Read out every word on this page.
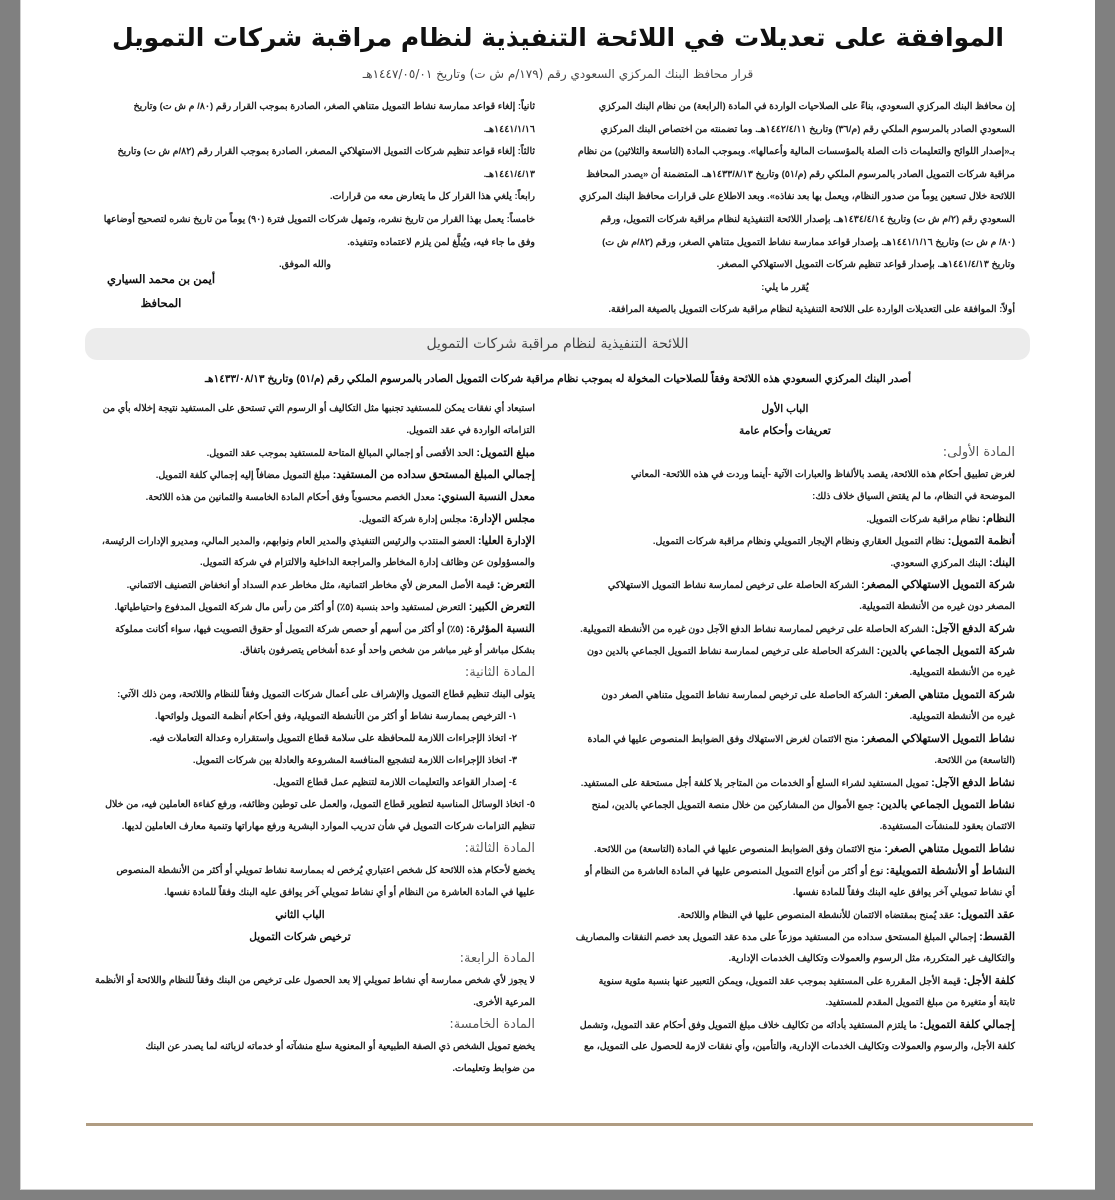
الموافقة على تعديلات في اللائحة التنفيذية لنظام مراقبة شركات التمويل
قرار محافظ البنك المركزي السعودي رقم (١٧٩/م ش ت) وتاريخ ١٤٤٧/٠٥/٠١هـ

إن محافظ البنك المركزي السعودي، بناءً على الصلاحيات الواردة في المادة (الرابعة) من نظام البنك المركزي

السعودي الصادر بالمرسوم الملكي رقم (م/٣٦) وتاريخ ١٤٤٢/٤/١١هـ. وما تضمنته من اختصاص البنك المركزي

بـ«إصدار اللوائح والتعليمات ذات الصلة بالمؤسسات المالية وأعمالها». وبموجب المادة (التاسعة والثلاثين) من نظام

مراقبة شركات التمويل الصادر بالمرسوم الملكي رقم (م/٥١) وتاريخ ١٤٣٣/٨/١٣هـ. المتضمنة أن «يصدر المحافظ

اللائحة خلال تسعين يوماً من صدور النظام، ويعمل بها بعد نفاذه». وبعد الاطلاع على قرارات محافظ البنك المركزي

السعودي رقم (٢/م ش ت) وتاريخ ١٤٣٤/٤/١٤هـ. بإصدار اللائحة التنفيذية لنظام مراقبة شركات التمويل، ورقم

(٨٠/ م ش ت) وتاريخ ١٤٤١/١/١٦هـ. بإصدار قواعد ممارسة نشاط التمويل متناهي الصغر، ورقم (٨٢/م ش ت)

وتاريخ ١٤٤١/٤/١٣هـ. بإصدار قواعد تنظيم شركات التمويل الاستهلاكي المصغر.

يُقرر ما يلي:

أولاً: الموافقة على التعديلات الواردة على اللائحة التنفيذية لنظام مراقبة شركات التمويل بالصيغة المرافقة.

ثانياً: إلغاء قواعد ممارسة نشاط التمويل متناهي الصغر، الصادرة بموجب القرار رقم (٨٠/ م ش ت) وتاريخ

١٤٤١/١/١٦هـ.

ثالثاً: إلغاء قواعد تنظيم شركات التمويل الاستهلاكي المصغر، الصادرة بموجب القرار رقم (٨٢/م ش ت) وتاريخ

١٤٤١/٤/١٣هـ.

رابعاً: يلغي هذا القرار كل ما يتعارض معه من قرارات.

خامساً: يعمل بهذا القرار من تاريخ نشره، وتمهل شركات التمويل فترة (٩٠) يوماً من تاريخ نشره لتصحيح أوضاعها

وفق ما جاء فيه، ويُبلَّغ لمن يلزم لاعتماده وتنفيذه.

والله الموفق.

أيمن بن محمد السياري
المحافظ
اللائحة التنفيذية لنظام مراقبة شركات التمويل
أصدر البنك المركزي السعودي هذه اللائحة وفقاً للصلاحيات المخولة له بموجب نظام مراقبة شركات التمويل الصادر بالمرسوم الملكي رقم (م/٥١) وتاريخ ١٤٣٣/٠٨/١٣هـ

الباب الأول

تعريفات وأحكام عامة

المادة الأولى:

لغرض تطبيق أحكام هذه اللائحة، يقصد بالألفاظ والعبارات الآتية -أينما وردت في هذه اللائحة- المعاني

الموضحة في النظام، ما لم يقتض السياق خلاف ذلك:

النظام: نظام مراقبة شركات التمويل.

أنظمة التمويل: نظام التمويل العقاري ونظام الإيجار التمويلي ونظام مراقبة شركات التمويل.

البنك: البنك المركزي السعودي.

شركة التمويل الاستهلاكي المصغر: الشركة الحاصلة على ترخيص لممارسة نشاط التمويل الاستهلاكي

المصغر دون غيره من الأنشطة التمويلية.

شركة الدفع الآجل: الشركة الحاصلة على ترخيص لممارسة نشاط الدفع الآجل دون غيره من الأنشطة التمويلية.

شركة التمويل الجماعي بالدين: الشركة الحاصلة على ترخيص لممارسة نشاط التمويل الجماعي بالدين دون

غيره من الأنشطة التمويلية.

شركة التمويل متناهي الصغر: الشركة الحاصلة على ترخيص لممارسة نشاط التمويل متناهي الصغر دون

غيره من الأنشطة التمويلية.

نشاط التمويل الاستهلاكي المصغر: منح الائتمان لغرض الاستهلاك وفق الضوابط المنصوص عليها في المادة

(التاسعة) من اللائحة.

نشاط الدفع الآجل: تمويل المستفيد لشراء السلع أو الخدمات من المتاجر بلا كلفة أجل مستحقة على المستفيد.

نشاط التمويل الجماعي بالدين: جمع الأموال من المشاركين من خلال منصة التمويل الجماعي بالدين، لمنح

الائتمان بعقود للمنشآت المستفيدة.

نشاط التمويل متناهي الصغر: منح الائتمان وفق الضوابط المنصوص عليها في المادة (التاسعة) من اللائحة.

النشاط أو الأنشطة التمويلية: نوع أو أكثر من أنواع التمويل المنصوص عليها في المادة العاشرة من النظام أو

أي نشاط تمويلي آخر يوافق عليه البنك وفقاً للمادة نفسها.

عقد التمويل: عقد يُمنح بمقتضاه الائتمان للأنشطة المنصوص عليها في النظام واللائحة.

القسط: إجمالي المبلغ المستحق سداده من المستفيد موزعاً على مدة عقد التمويل بعد خصم النفقات والمصاريف

والتكاليف غير المتكررة، مثل الرسوم والعمولات وتكاليف الخدمات الإدارية.

كلفة الأجل: قيمة الأجل المقررة على المستفيد بموجب عقد التمويل، ويمكن التعبير عنها بنسبة مئوية سنوية

ثابتة أو متغيرة من مبلغ التمويل المقدم للمستفيد.

إجمالي كلفة التمويل: ما يلتزم المستفيد بأدائه من تكاليف خلاف مبلغ التمويل وفق أحكام عقد التمويل، وتشمل

كلفة الأجل، والرسوم والعمولات وتكاليف الخدمات الإدارية، والتأمين، وأي نفقات لازمة للحصول على التمويل، مع

استبعاد أي نفقات يمكن للمستفيد تجنبها مثل التكاليف أو الرسوم التي تستحق على المستفيد نتيجة إخلاله بأي من

التزاماته الواردة في عقد التمويل.

مبلغ التمويل: الحد الأقصى أو إجمالي المبالغ المتاحة للمستفيد بموجب عقد التمويل.

إجمالي المبلغ المستحق سداده من المستفيد: مبلغ التمويل مضافاً إليه إجمالي كلفة التمويل.

معدل النسبة السنوي: معدل الخصم محسوباً وفق أحكام المادة الخامسة والثمانين من هذه اللائحة.

مجلس الإدارة: مجلس إدارة شركة التمويل.

الإدارة العليا: العضو المنتدب والرئيس التنفيذي والمدير العام ونوابهم، والمدير المالي، ومديرو الإدارات الرئيسة،

والمسؤولون عن وظائف إدارة المخاطر والمراجعة الداخلية والالتزام في شركة التمويل.

التعرض: قيمة الأصل المعرض لأي مخاطر ائتمانية، مثل مخاطر عدم السداد أو انخفاض التصنيف الائتماني.

التعرض الكبير: التعرض لمستفيد واحد بنسبة (٥٪) أو أكثر من رأس مال شركة التمويل المدفوع واحتياطياتها.

النسبة المؤثرة: (٥٪) أو أكثر من أسهم أو حصص شركة التمويل أو حقوق التصويت فيها، سواء أكانت مملوكة

بشكل مباشر أو غير مباشر من شخص واحد أو عدة أشخاص يتصرفون باتفاق.

المادة الثانية:

يتولى البنك تنظيم قطاع التمويل والإشراف على أعمال شركات التمويل وفقاً للنظام واللائحة، ومن ذلك الآتي:

١- الترخيص بممارسة نشاط أو أكثر من الأنشطة التمويلية، وفق أحكام أنظمة التمويل ولوائحها.

٢- اتخاذ الإجراءات اللازمة للمحافظة على سلامة قطاع التمويل واستقراره وعدالة التعاملات فيه.

٣- اتخاذ الإجراءات اللازمة لتشجيع المنافسة المشروعة والعادلة بين شركات التمويل.

٤- إصدار القواعد والتعليمات اللازمة لتنظيم عمل قطاع التمويل.

٥- اتخاذ الوسائل المناسبة لتطوير قطاع التمويل، والعمل على توطين وظائفه، ورفع كفاءة العاملين فيه، من خلال

تنظيم التزامات شركات التمويل في شأن تدريب الموارد البشرية ورفع مهاراتها وتنمية معارف العاملين لديها.

المادة الثالثة:

يخضع لأحكام هذه اللائحة كل شخص اعتباري يُرخص له بممارسة نشاط تمويلي أو أكثر من الأنشطة المنصوص

عليها في المادة العاشرة من النظام أو أي نشاط تمويلي آخر يوافق عليه البنك وفقاً للمادة نفسها.

الباب الثاني

ترخيص شركات التمويل

المادة الرابعة:

لا يجوز لأي شخص ممارسة أي نشاط تمويلي إلا بعد الحصول على ترخيص من البنك وفقاً للنظام واللائحة أو الأنظمة

المرعية الأخرى.

المادة الخامسة:

يخضع تمويل الشخص ذي الصفة الطبيعية أو المعنوية سلع منشآته أو خدماته لزبائنه لما يصدر عن البنك

من ضوابط وتعليمات.
